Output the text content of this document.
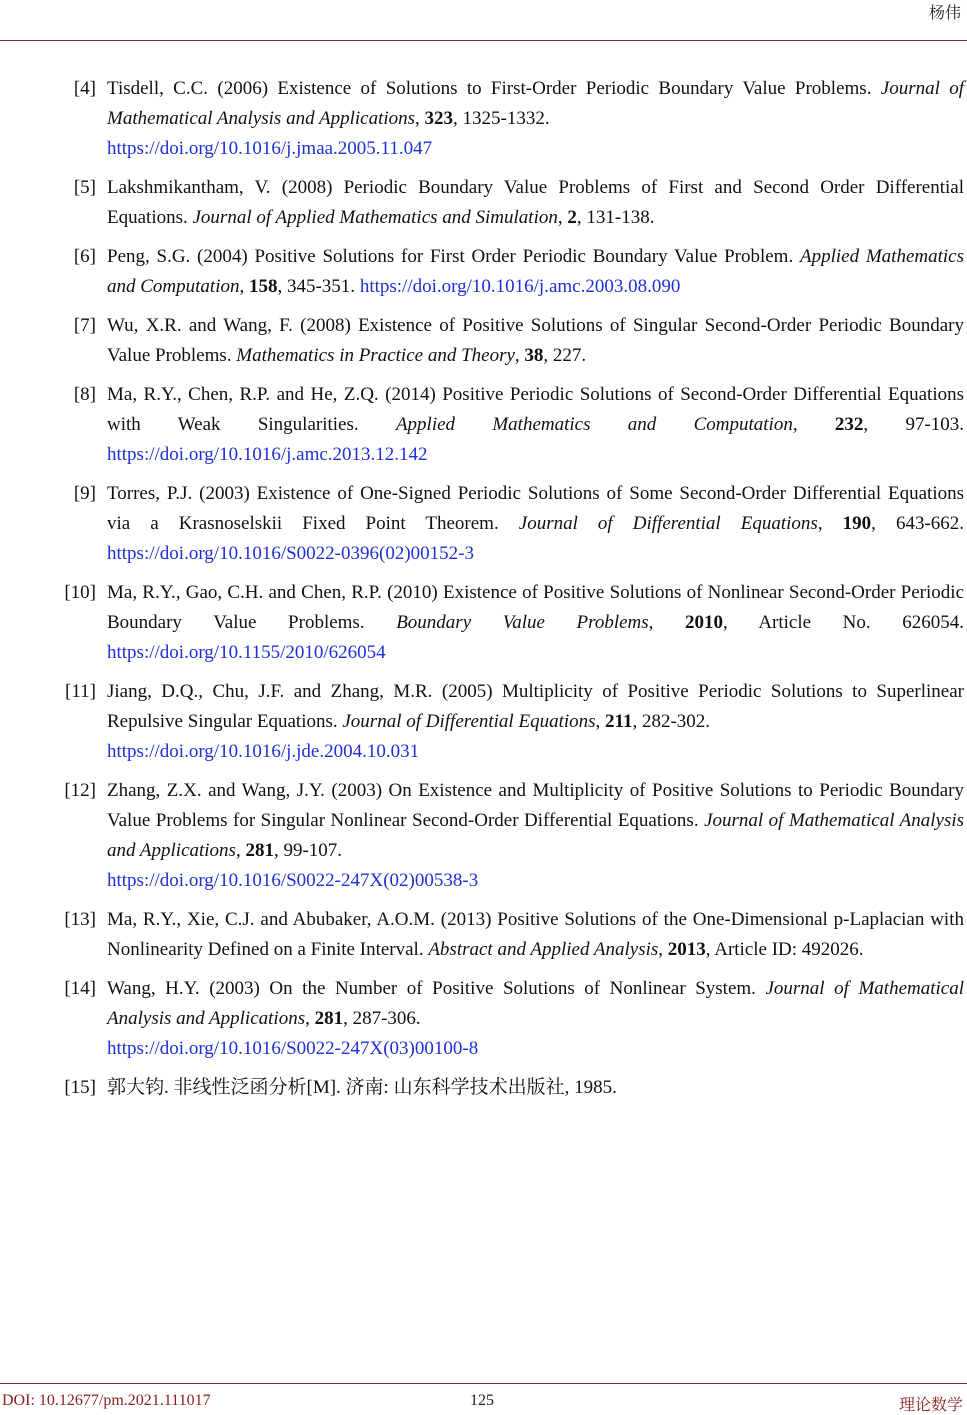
杨伟
[4] Tisdell, C.C. (2006) Existence of Solutions to First-Order Periodic Boundary Value Problems. Journal of Mathematical Analysis and Applications, 323, 1325-1332.
https://doi.org/10.1016/j.jmaa.2005.11.047
[5] Lakshmikantham, V. (2008) Periodic Boundary Value Problems of First and Second Order Differential Equations. Journal of Applied Mathematics and Simulation, 2, 131-138.
[6] Peng, S.G. (2004) Positive Solutions for First Order Periodic Boundary Value Problem. Applied Mathematics and Computation, 158, 345-351. https://doi.org/10.1016/j.amc.2003.08.090
[7] Wu, X.R. and Wang, F. (2008) Existence of Positive Solutions of Singular Second-Order Periodic Boundary Value Problems. Mathematics in Practice and Theory, 38, 227.
[8] Ma, R.Y., Chen, R.P. and He, Z.Q. (2014) Positive Periodic Solutions of Second-Order Differential Equations with Weak Singularities. Applied Mathematics and Computation, 232, 97-103. https://doi.org/10.1016/j.amc.2013.12.142
[9] Torres, P.J. (2003) Existence of One-Signed Periodic Solutions of Some Second-Order Differential Equations via a Krasnoselskii Fixed Point Theorem. Journal of Differential Equations, 190, 643-662. https://doi.org/10.1016/S0022-0396(02)00152-3
[10] Ma, R.Y., Gao, C.H. and Chen, R.P. (2010) Existence of Positive Solutions of Nonlinear Second-Order Periodic Boundary Value Problems. Boundary Value Problems, 2010, Article No. 626054. https://doi.org/10.1155/2010/626054
[11] Jiang, D.Q., Chu, J.F. and Zhang, M.R. (2005) Multiplicity of Positive Periodic Solutions to Superlinear Repulsive Singular Equations. Journal of Differential Equations, 211, 282-302.
https://doi.org/10.1016/j.jde.2004.10.031
[12] Zhang, Z.X. and Wang, J.Y. (2003) On Existence and Multiplicity of Positive Solutions to Periodic Boundary Value Problems for Singular Nonlinear Second-Order Differential Equations. Journal of Mathematical Analysis and Applications, 281, 99-107.
https://doi.org/10.1016/S0022-247X(02)00538-3
[13] Ma, R.Y., Xie, C.J. and Abubaker, A.O.M. (2013) Positive Solutions of the One-Dimensional p-Laplacian with Nonlinearity Defined on a Finite Interval. Abstract and Applied Analysis, 2013, Article ID: 492026.
[14] Wang, H.Y. (2003) On the Number of Positive Solutions of Nonlinear System. Journal of Mathematical Analysis and Applications, 281, 287-306.
https://doi.org/10.1016/S0022-247X(03)00100-8
[15] 郭大钧. 非线性泛函分析[M]. 济南: 山东科学技术出版社, 1985.
DOI: 10.12677/pm.2021.111017	125	理论数学
